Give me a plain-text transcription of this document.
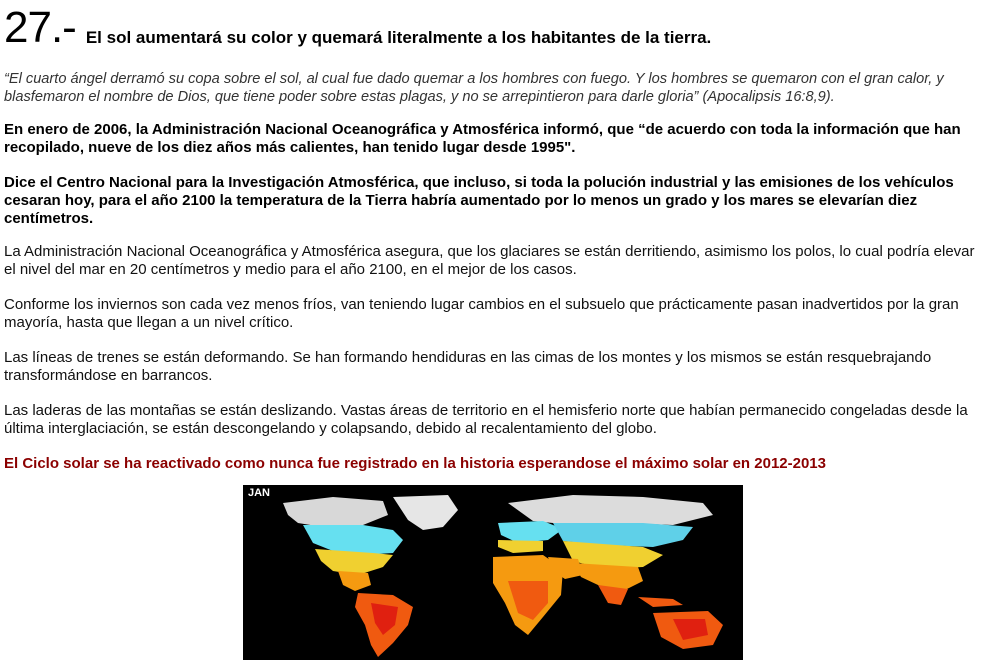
27.- El sol aumentará su color y quemará literalmente a los habitantes de la tierra.

“El cuarto ángel derramó su copa sobre el sol, al cual fue dado quemar a los hombres con fuego. Y los hombres se quemaron con el gran calor, y blasfemaron el nombre de Dios, que tiene poder sobre estas plagas, y no se arrepintieron para darle gloria” (Apocalipsis 16:8,9).

En enero de 2006, la Administración Nacional Oceanográfica y Atmosférica informó, que “de acuerdo con toda la información que han recopilado, nueve de los diez años más calientes, han tenido lugar desde 1995".

Dice el Centro Nacional para la Investigación Atmosférica, que incluso, si toda la polución industrial y las emisiones de los vehículos cesaran hoy, para el año 2100 la temperatura de la Tierra habría aumentado por lo menos un grado y los mares se elevarían diez centímetros.

La Administración Nacional Oceanográfica y Atmosférica asegura, que los glaciares se están derritiendo, asimismo los polos, lo cual podría elevar el nivel del mar en 20 centímetros y medio para el año 2100, en el mejor de los casos.

Conforme los inviernos son cada vez menos fríos, van teniendo lugar cambios en el subsuelo que prácticamente pasan inadvertidos por la gran mayoría, hasta que llegan a un nivel crítico.

Las líneas de trenes se están deformando. Se han formando hendiduras en las cimas de los montes y los mismos se están resquebrajando transformándose en barrancos.

Las laderas de las montañas se están deslizando. Vastas áreas de territorio en el hemisferio norte que habían permanecido congeladas desde la última interglaciación, se están descongelando y colapsando, debido al recalentamiento del globo.

El Ciclo solar se ha reactivado como nunca fue registrado en la historia esperandose el máximo solar en 2012-2013

JAN
